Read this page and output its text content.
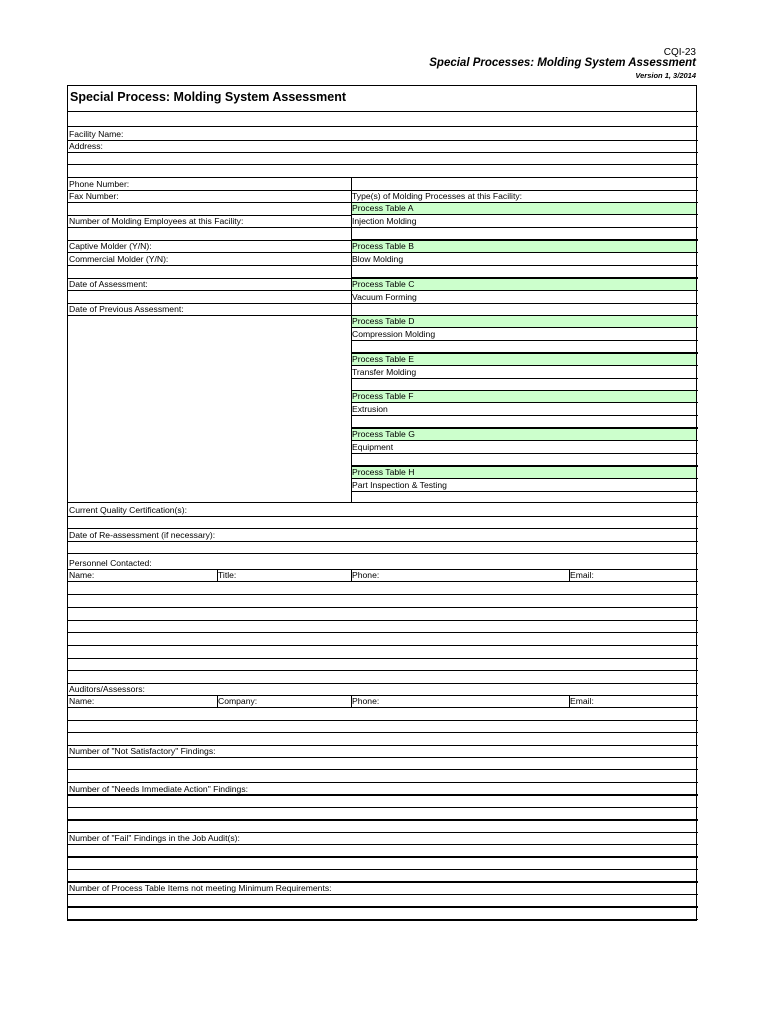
CQI-23
Special Processes: Molding System Assessment
Version 1, 3/2014
Special Process: Molding System Assessment
Facility Name:
Address:
Type(s) of Molding Processes at this Facility:
Process Table A
Injection Molding
Process Table B
Blow Molding
Process Table C
Vacuum Forming
Process Table D
Compression Molding
Process Table E
Transfer Molding
Process Table F
Extrusion
Process Table G
Equipment
Process Table H
Part Inspection & Testing
Phone Number:
Fax Number:
Number of Molding Employees at this Facility:
Captive Molder (Y/N):
Commercial Molder (Y/N):
Date of Assessment:
Date of Previous Assessment:
Current Quality Certification(s):
Date of Re-assessment (if necessary):
Personnel Contacted:
Name:	Title:	Phone:	Email:
Auditors/Assessors:
Name:	Company:	Phone:	Email:
Number of "Not Satisfactory" Findings:
Number of "Needs Immediate Action" Findings:
Number of "Fail" Findings in the Job Audit(s):
Number of Process Table Items not meeting Minimum Requirements:
